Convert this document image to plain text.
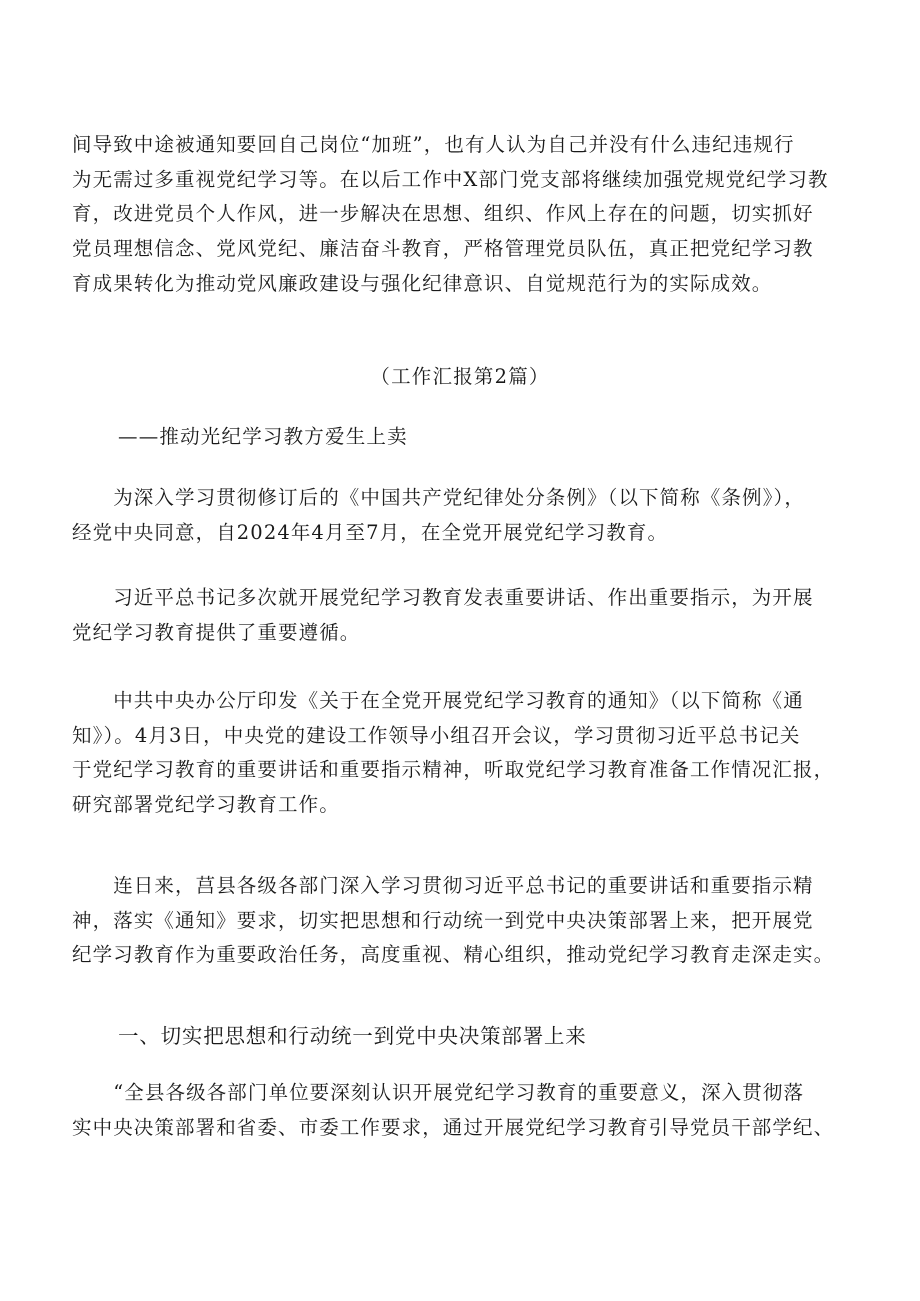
间导致中途被通知要回自己岗位“加班”，也有人认为自己并没有什么违纪违规行
为无需过多重视党纪学习等。在以后工作中X部门党支部将继续加强党规党纪学习教
育，改进党员个人作风，进一步解决在思想、组织、作风上存在的问题，切实抓好
党员理想信念、党风党纪、廉洁奋斗教育，严格管理党员队伍，真正把党纪学习教
育成果转化为推动党风廉政建设与强化纪律意识、自觉规范行为的实际成效。

（工作汇报第2篇）

——推动光纪学习教方爱生上卖

　　为深入学习贯彻修订后的《中国共产党纪律处分条例》（以下简称《条例》），
经党中央同意，自2024年4月至7月，在全党开展党纪学习教育。
　　习近平总书记多次就开展党纪学习教育发表重要讲话、作出重要指示，为开展
党纪学习教育提供了重要遵循。
　　中共中央办公厅印发《关于在全党开展党纪学习教育的通知》（以下简称《通
知》）。4月3日，中央党的建设工作领导小组召开会议，学习贯彻习近平总书记关
于党纪学习教育的重要讲话和重要指示精神，听取党纪学习教育准备工作情况汇报，
研究部署党纪学习教育工作。
　　连日来，莒县各级各部门深入学习贯彻习近平总书记的重要讲话和重要指示精
神，落实《通知》要求，切实把思想和行动统一到党中央决策部署上来，把开展党
纪学习教育作为重要政治任务，高度重视、精心组织，推动党纪学习教育走深走实。

一、切实把思想和行动统一到党中央决策部署上来

　　“全县各级各部门单位要深刻认识开展党纪学习教育的重要意义，深入贯彻落
实中央决策部署和省委、市委工作要求，通过开展党纪学习教育引导党员干部学纪、
